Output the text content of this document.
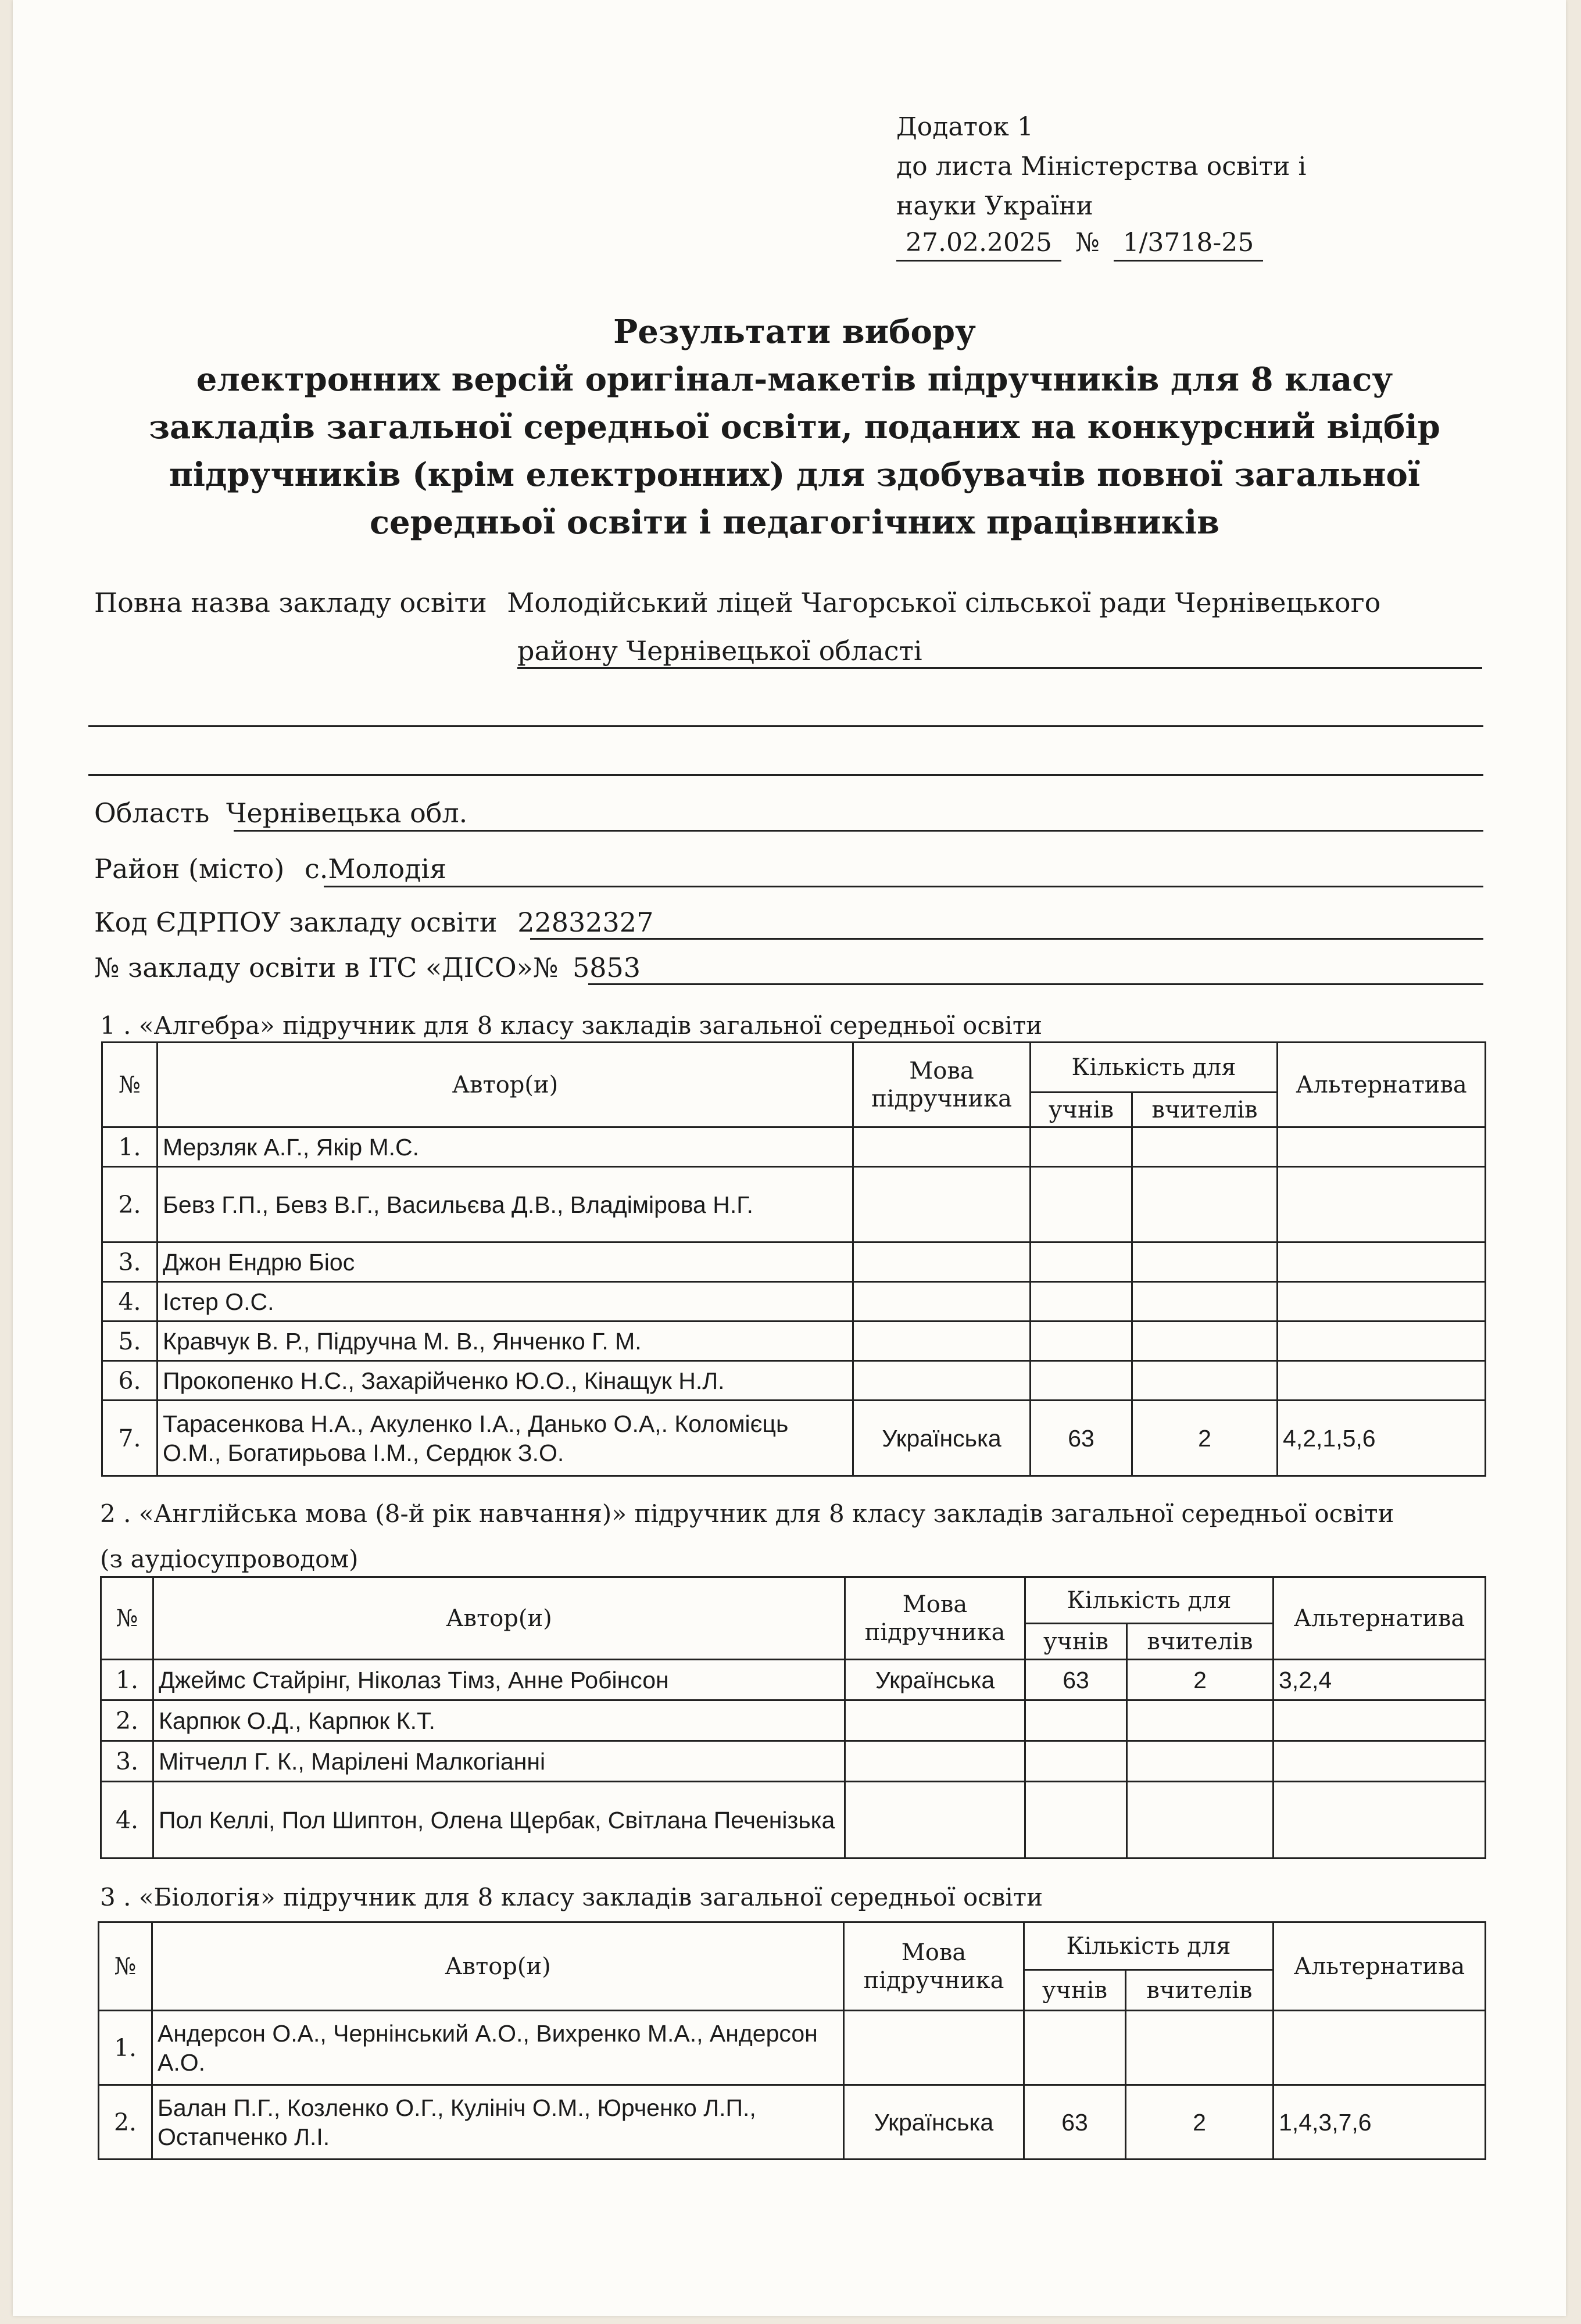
Додаток 1
до листа Міністерства освіти і
науки України
27.02.2025 № 1/3718-25
Результати вибору
електронних версій оригінал-макетів підручників для 8 класу
закладів загальної середньої освіти, поданих на конкурсний відбір
підручників (крім електронних) для здобувачів повної загальної
середньої освіти і педагогічних працівників
Повна назва закладу освіти Молодійський ліцей Чагорської сільської ради Чернівецького
району Чернівецької області
Область Чернівецька обл.
Район (місто) с.Молодія
Код ЄДРПОУ закладу освіти 22832327
№ закладу освіти в ІТС «ДІСО»№ 5853
1 . «Алгебра» підручник для 8 класу закладів загальної середньої освіти
№	Автор(и)	Мова підручника	Кількість для		Альтернатива
			учнів	вчителів	
1.	Мерзляк А.Г., Якір М.С.				
2.	Бевз Г.П., Бевз В.Г., Васильєва Д.В., Владімірова Н.Г.				
3.	Джон Ендрю Біос				
4.	Істер О.С.				
5.	Кравчук В. Р., Підручна М. В., Янченко Г. М.				
6.	Прокопенко Н.С., Захарійченко Ю.О., Кінащук Н.Л.				
7.	Тарасенкова Н.А., Акуленко І.А., Данько О.А,. Коломієць О.М., Богатирьова І.М., Сердюк З.О.	Українська	63	2	4,2,1,5,6
2 . «Англійська мова (8-й рік навчання)» підручник для 8 класу закладів загальної середньої освіти
(з аудіосупроводом)
№	Автор(и)	Мова підручника	Кількість для		Альтернатива
			учнів	вчителів	
1.	Джеймс Стайрінг, Ніколаз Тімз, Анне Робінсон	Українська	63	2	3,2,4
2.	Карпюк О.Д., Карпюк К.Т.				
3.	Мітчелл Г. К., Марілені Малкогіанні				
4.	Пол Келлі, Пол Шиптон, Олена Щербак, Світлана Печенізька				
3 . «Біологія» підручник для 8 класу закладів загальної середньої освіти
№	Автор(и)	Мова підручника	Кількість для		Альтернатива
			учнів	вчителів	
1.	Андерсон О.А., Чернінський А.О., Вихренко М.А., Андерсон А.О.				
2.	Балан П.Г., Козленко О.Г., Кулініч О.М., Юрченко Л.П., Остапченко Л.І.	Українська	63	2	1,4,3,7,6
